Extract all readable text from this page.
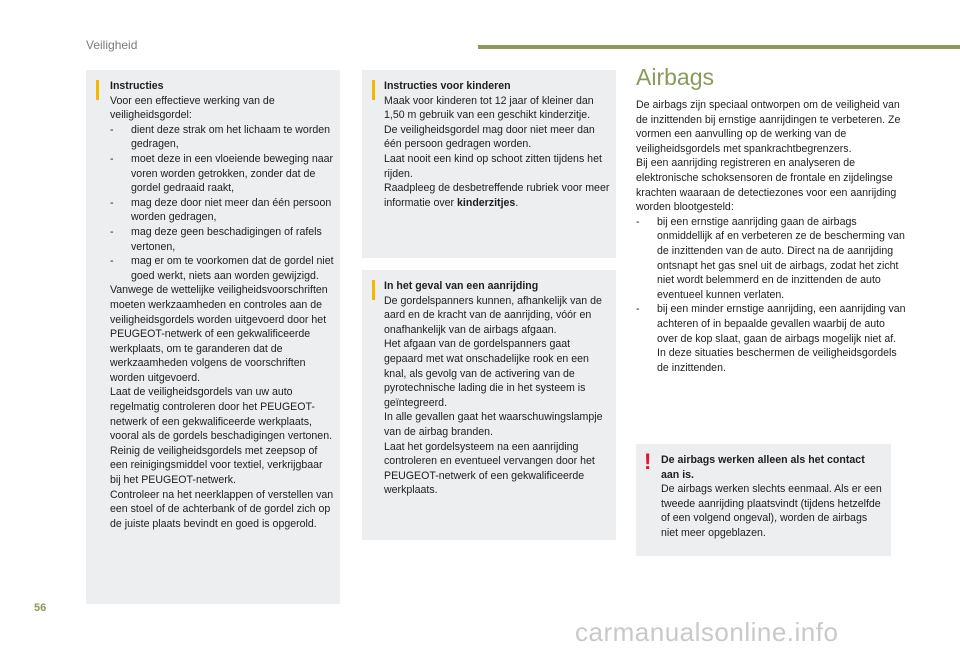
Veiligheid
Instructies
Voor een effectieve werking van de veiligheidsgordel:
- dient deze strak om het lichaam te worden gedragen,
- moet deze in een vloeiende beweging naar voren worden getrokken, zonder dat de gordel gedraaid raakt,
- mag deze door niet meer dan één persoon worden gedragen,
- mag deze geen beschadigingen of rafels vertonen,
- mag er om te voorkomen dat de gordel niet goed werkt, niets aan worden gewijzigd.
Vanwege de wettelijke veiligheidsvoorschriften moeten werkzaamheden en controles aan de veiligheidsgordels worden uitgevoerd door het PEUGEOT-netwerk of een gekwalificeerde werkplaats, om te garanderen dat de werkzaamheden volgens de voorschriften worden uitgevoerd.
Laat de veiligheidsgordels van uw auto regelmatig controleren door het PEUGEOT-netwerk of een gekwalificeerde werkplaats, vooral als de gordels beschadigingen vertonen.
Reinig de veiligheidsgordels met zeepsop of een reinigingsmiddel voor textiel, verkrijgbaar bij het PEUGEOT-netwerk.
Controleer na het neerklappen of verstellen van een stoel of de achterbank of de gordel zich op de juiste plaats bevindt en goed is opgerold.
Instructies voor kinderen
Maak voor kinderen tot 12 jaar of kleiner dan 1,50 m gebruik van een geschikt kinderzitje.
De veiligheidsgordel mag door niet meer dan één persoon gedragen worden.
Laat nooit een kind op schoot zitten tijdens het rijden.
Raadpleeg de desbetreffende rubriek voor meer informatie over kinderzitjes.
In het geval van een aanrijding
De gordelspanners kunnen, afhankelijk van de aard en de kracht van de aanrijding, vóór en onafhankelijk van de airbags afgaan.
Het afgaan van de gordelspanners gaat gepaard met wat onschadelijke rook en een knal, als gevolg van de activering van de pyrotechnische lading die in het systeem is geïntegreerd.
In alle gevallen gaat het waarschuwingslampje van de airbag branden.
Laat het gordelsysteem na een aanrijding controleren en eventueel vervangen door het PEUGEOT-netwerk of een gekwalificeerde werkplaats.
Airbags
De airbags zijn speciaal ontworpen om de veiligheid van de inzittenden bij ernstige aanrijdingen te verbeteren. Ze vormen een aanvulling op de werking van de veiligheidsgordels met spankrachtbegrenzers.
Bij een aanrijding registreren en analyseren de elektronische schoksensoren de frontale en zijdelingse krachten waaraan de detectiezones voor een aanrijding worden blootgesteld:
- bij een ernstige aanrijding gaan de airbags onmiddellijk af en verbeteren ze de bescherming van de inzittenden van de auto. Direct na de aanrijding ontsnapt het gas snel uit de airbags, zodat het zicht niet wordt belemmerd en de inzittenden de auto eventueel kunnen verlaten.
- bij een minder ernstige aanrijding, een aanrijding van achteren of in bepaalde gevallen waarbij de auto over de kop slaat, gaan de airbags mogelijk niet af. In deze situaties beschermen de veiligheidsgordels de inzittenden.
! De airbags werken alleen als het contact aan is.
De airbags werken slechts eenmaal. Als er een tweede aanrijding plaatsvindt (tijdens hetzelfde of een volgend ongeval), worden de airbags niet meer opgeblazen.
56
carmanualsonline.info
